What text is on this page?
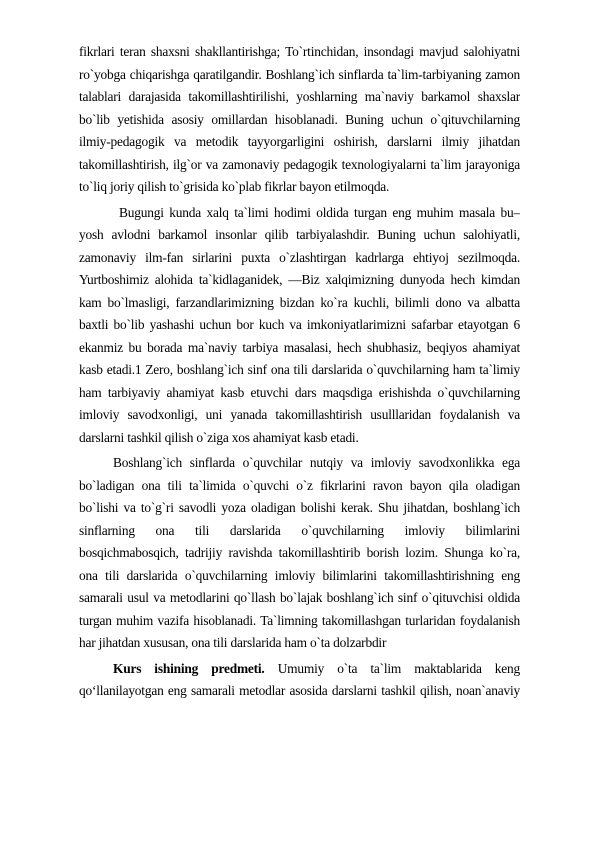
fikrlari teran shaxsni shakllantirishga; To`rtinchidan, insondagi mavjud salohiyatni
ro`yobga chiqarishga qaratilgandir. Boshlang`ich sinflarda ta`lim-tarbiyaning zamon
talablari darajasida takomillashtirilishi, yoshlarning ma`naviy barkamol shaxslar
bo`lib yetishida asosiy omillardan hisoblanadi. Buning uchun o`qituvchilarning
ilmiy-pedagogik va metodik tayyorgarligini oshirish, darslarni ilmiy jihatdan
takomillashtirish, ilg`or va zamonaviy pedagogik texnologiyalarni ta`lim jarayoniga
to`liq joriy qilish to`grisida ko`plab fikrlar bayon etilmoqda.
Bugungi kunda xalq ta`limi hodimi oldida turgan eng muhim masala bu–
yosh avlodni barkamol insonlar qilib tarbiyalashdir. Buning uchun salohiyatli,
zamonaviy ilm-fan sirlarini puxta o`zlashtirgan kadrlarga ehtiyoj sezilmoqda.
Yurtboshimiz alohida ta`kidlaganidek, ―Biz xalqimizning dunyoda hech kimdan
kam bo`lmasligi, farzandlarimizning bizdan ko`ra kuchli, bilimli dono va albatta
baxtli bo`lib yashashi uchun bor kuch va imkoniyatlarimizni safarbar etayotgan 6
ekanmiz bu borada ma`naviy tarbiya masalasi, hech shubhasiz, beqiyos ahamiyat
kasb etadi.1 Zero, boshlang`ich sinf ona tili darslarida o`quvchilarning ham ta`limiy
ham tarbiyaviy ahamiyat kasb etuvchi dars maqsdiga erishishda o`quvchilarning
imloviy savodxonligi, uni yanada takomillashtirish usulllaridan foydalanish va
darslarni tashkil qilish o`ziga xos ahamiyat kasb etadi.
Boshlang`ich sinflarda o`quvchilar nutqiy va imloviy savodxonlikka ega
bo`ladigan ona tili ta`limida o`quvchi o`z fikrlarini ravon bayon qila oladigan
bo`lishi va to`g`ri savodli yoza oladigan bolishi kerak. Shu jihatdan, boshlang`ich
sinflarning ona tili darslarida o`quvchilarning imloviy bilimlarini
bosqichmabosqich, tadrijiy ravishda takomillashtirib borish lozim. Shunga ko`ra,
ona tili darslarida o`quvchilarning imloviy bilimlarini takomillashtirishning eng
samarali usul va metodlarini qo`llash bo`lajak boshlang`ich sinf o`qituvchisi oldida
turgan muhim vazifa hisoblanadi. Ta`limning takomillashgan turlaridan foydalanish
har jihatdan xususan, ona tili darslarida ham o`ta dolzarbdir
Kurs ishining predmeti. Umumiy o`ta ta`lim maktablarida keng
qo‘llanilayotgan eng samarali metodlar asosida darslarni tashkil qilish, noan`anaviy
